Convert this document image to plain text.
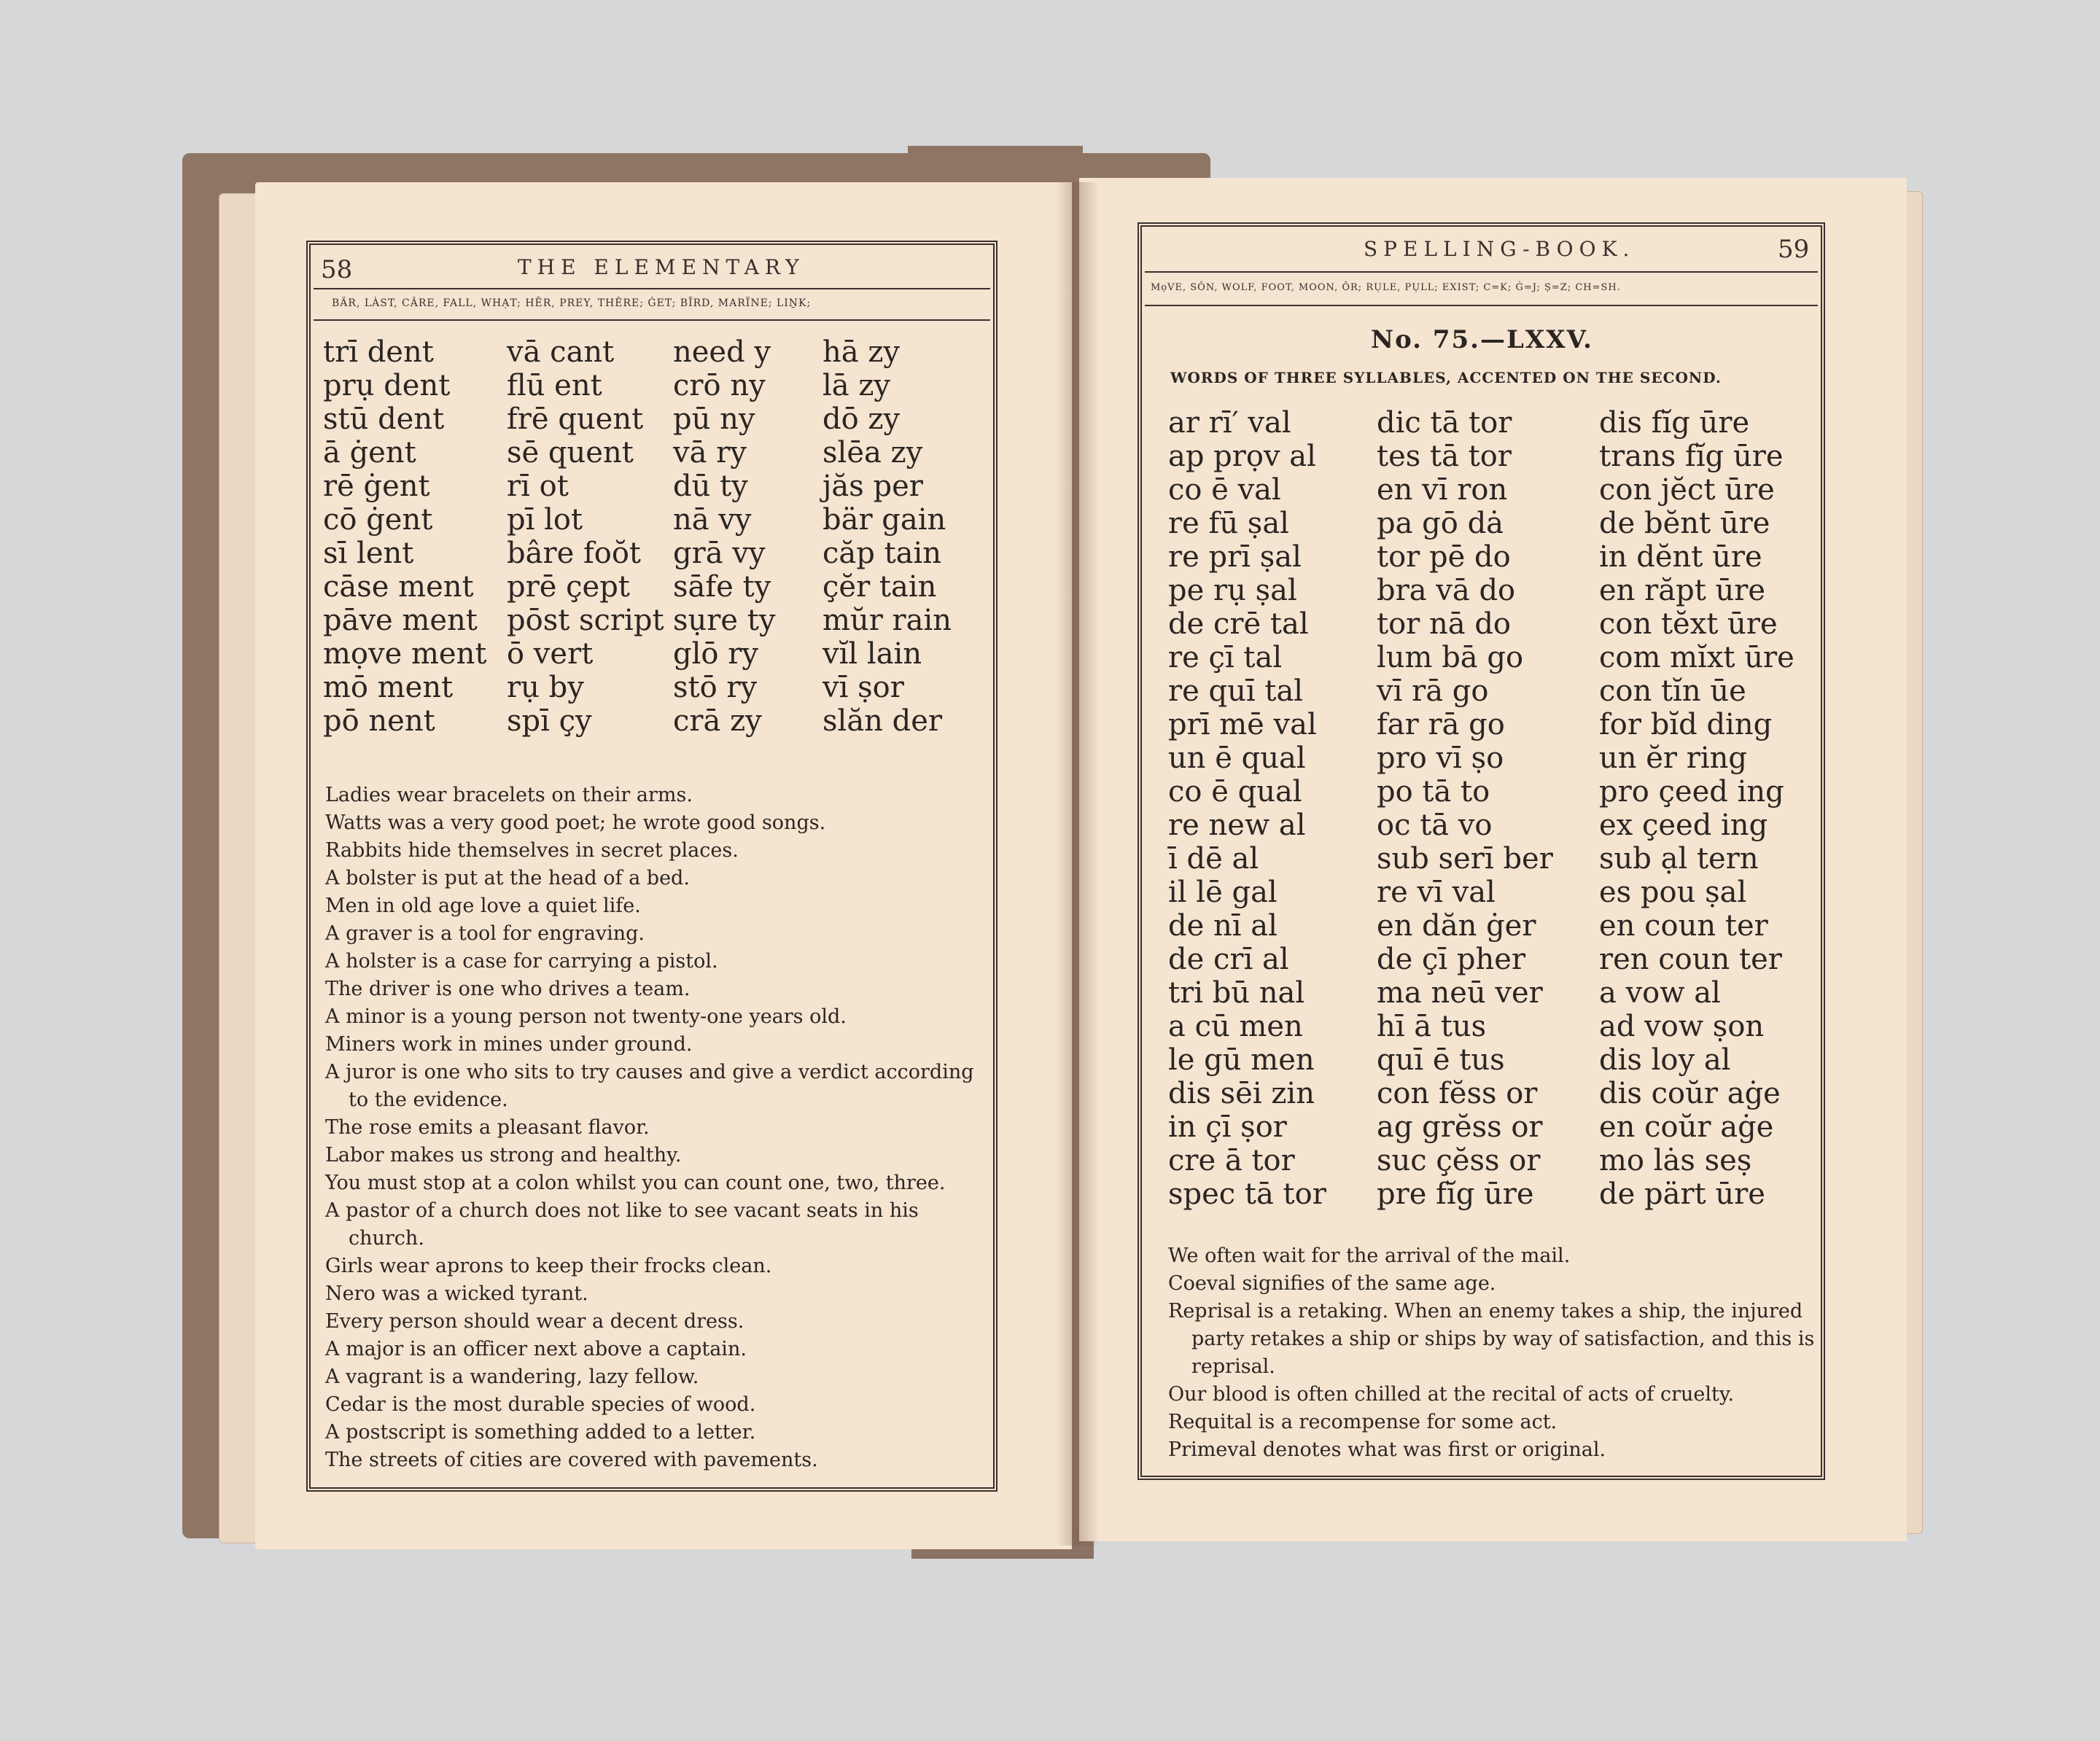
58	THE ELEMENTARY
BÄR, LÀST, CÂRE, FALL, WHẠT; HẼR, PREY, THÊRE; ĠET; BĨRD, MARÏNE; LIṈK;
trī dent
prụ dent
stū dent
ā ġent
rē ġent
cō ġent
sī lent
cāse ment
pāve ment
mọve ment
mō ment
pō nent
vā cant
flū ent
frē quent
sē quent
rī ot
pī lot
bâre foŏt
prē çept
pōst script
ō vert
rụ by
spī çy
need y
crō ny
pū ny
vā ry
dū ty
nā vy
grā vy
sāfe ty
sụre ty
glō ry
stō ry
crā zy
hā zy
lā zy
dō zy
slēa zy
jăs per
bär gain
căp tain
çĕr tain
mŭr rain
vĭl lain
vī ṣor
slăn der
Ladies wear bracelets on their arms.
Watts was a very good poet; he wrote good songs.
Rabbits hide themselves in secret places.
A bolster is put at the head of a bed.
Men in old age love a quiet life.
A graver is a tool for engraving.
A holster is a case for carrying a pistol.
The driver is one who drives a team.
A minor is a young person not twenty-one years old.
Miners work in mines under ground.
A juror is one who sits to try causes and give a verdict according to the evidence.
The rose emits a pleasant flavor.
Labor makes us strong and healthy.
You must stop at a colon whilst you can count one, two, three.
A pastor of a church does not like to see vacant seats in his church.
Girls wear aprons to keep their frocks clean.
Nero was a wicked tyrant.
Every person should wear a decent dress.
A major is an officer next above a captain.
A vagrant is a wandering, lazy fellow.
Cedar is the most durable species of wood.
A postscript is something added to a letter.
The streets of cities are covered with pavements.
SPELLING-BOOK.	59
MọVE, SÔN, WOLF, FOOT, MOON, ÔR; RỤLE, PỤLL; EXIST; C=K; Ġ=J; Ṣ=Z; CH=SH.
No. 75.—LXXV.
WORDS OF THREE SYLLABLES, ACCENTED ON THE SECOND.
ar rī′ val
ap prọv al
co ē val
re fū ṣal
re prī ṣal
pe rụ ṣal
de crē tal
re çī tal
re quī tal
prī mē val
un ē qual
co ē qual
re new al
ī dē al
il lē gal
de nī al
de crī al
tri bū nal
a cū men
le gū men
dis sēi zin
in çī ṣor
cre ā tor
spec tā tor
dic tā tor
tes tā tor
en vī ron
pa gō dȧ
tor pē do
bra vā do
tor nā do
lum bā go
vī rā go
far rā go
pro vī ṣo
po tā to
oc tā vo
sub serī ber
re vī val
en dăn ġer
de çī pher
ma neū ver
hī ā tus
quī ē tus
con fĕss or
ag grĕss or
suc çĕss or
pre fĭg ūre
dis fĭg ūre
trans fĭg ūre
con jĕct ūre
de bĕnt ūre
in dĕnt ūre
en răpt ūre
con tĕxt ūre
com mĭxt ūre
con tĭn ūe
for bĭd ding
un ĕr ring
pro çeed ing
ex çeed ing
sub ạl tern
es pou ṣal
en coun ter
ren coun ter
a vow al
ad vow ṣon
dis loy al
dis coŭr aġe
en coŭr aġe
mo lȧs seṣ
de pärt ūre
We often wait for the arrival of the mail.
Coeval signifies of the same age.
Reprisal is a retaking. When an enemy takes a ship, the injured party retakes a ship or ships by way of satisfaction, and this is reprisal.
Our blood is often chilled at the recital of acts of cruelty.
Requital is a recompense for some act.
Primeval denotes what was first or original.
